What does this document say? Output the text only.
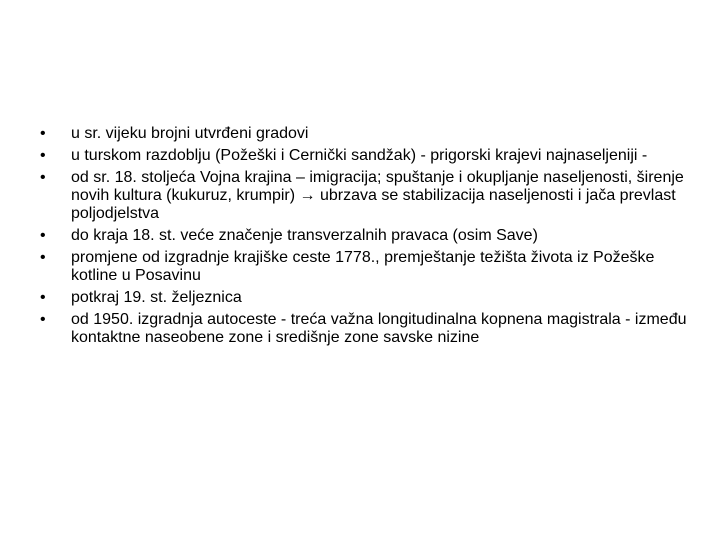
•	u sr. vijeku brojni utvrđeni gradovi
•	u turskom razdoblju (Požeški i Cernički sandžak) - prigorski krajevi najnaseljeniji -
•	od sr. 18. stoljeća Vojna krajina – imigracija; spuštanje i okupljanje naseljenosti, širenje novih kultura (kukuruz, krumpir) → ubrzava se stabilizacija naseljenosti i jača prevlast poljodjelstva
•	do kraja 18. st. veće značenje transverzalnih pravaca (osim Save)
•	promjene od izgradnje krajiške ceste 1778., premještanje težišta života iz Požeške kotline u Posavinu
•	potkraj 19. st. željeznica
•	od 1950. izgradnja autoceste - treća važna longitudinalna kopnena magistrala - između kontaktne naseobene zone i središnje zone savske nizine
